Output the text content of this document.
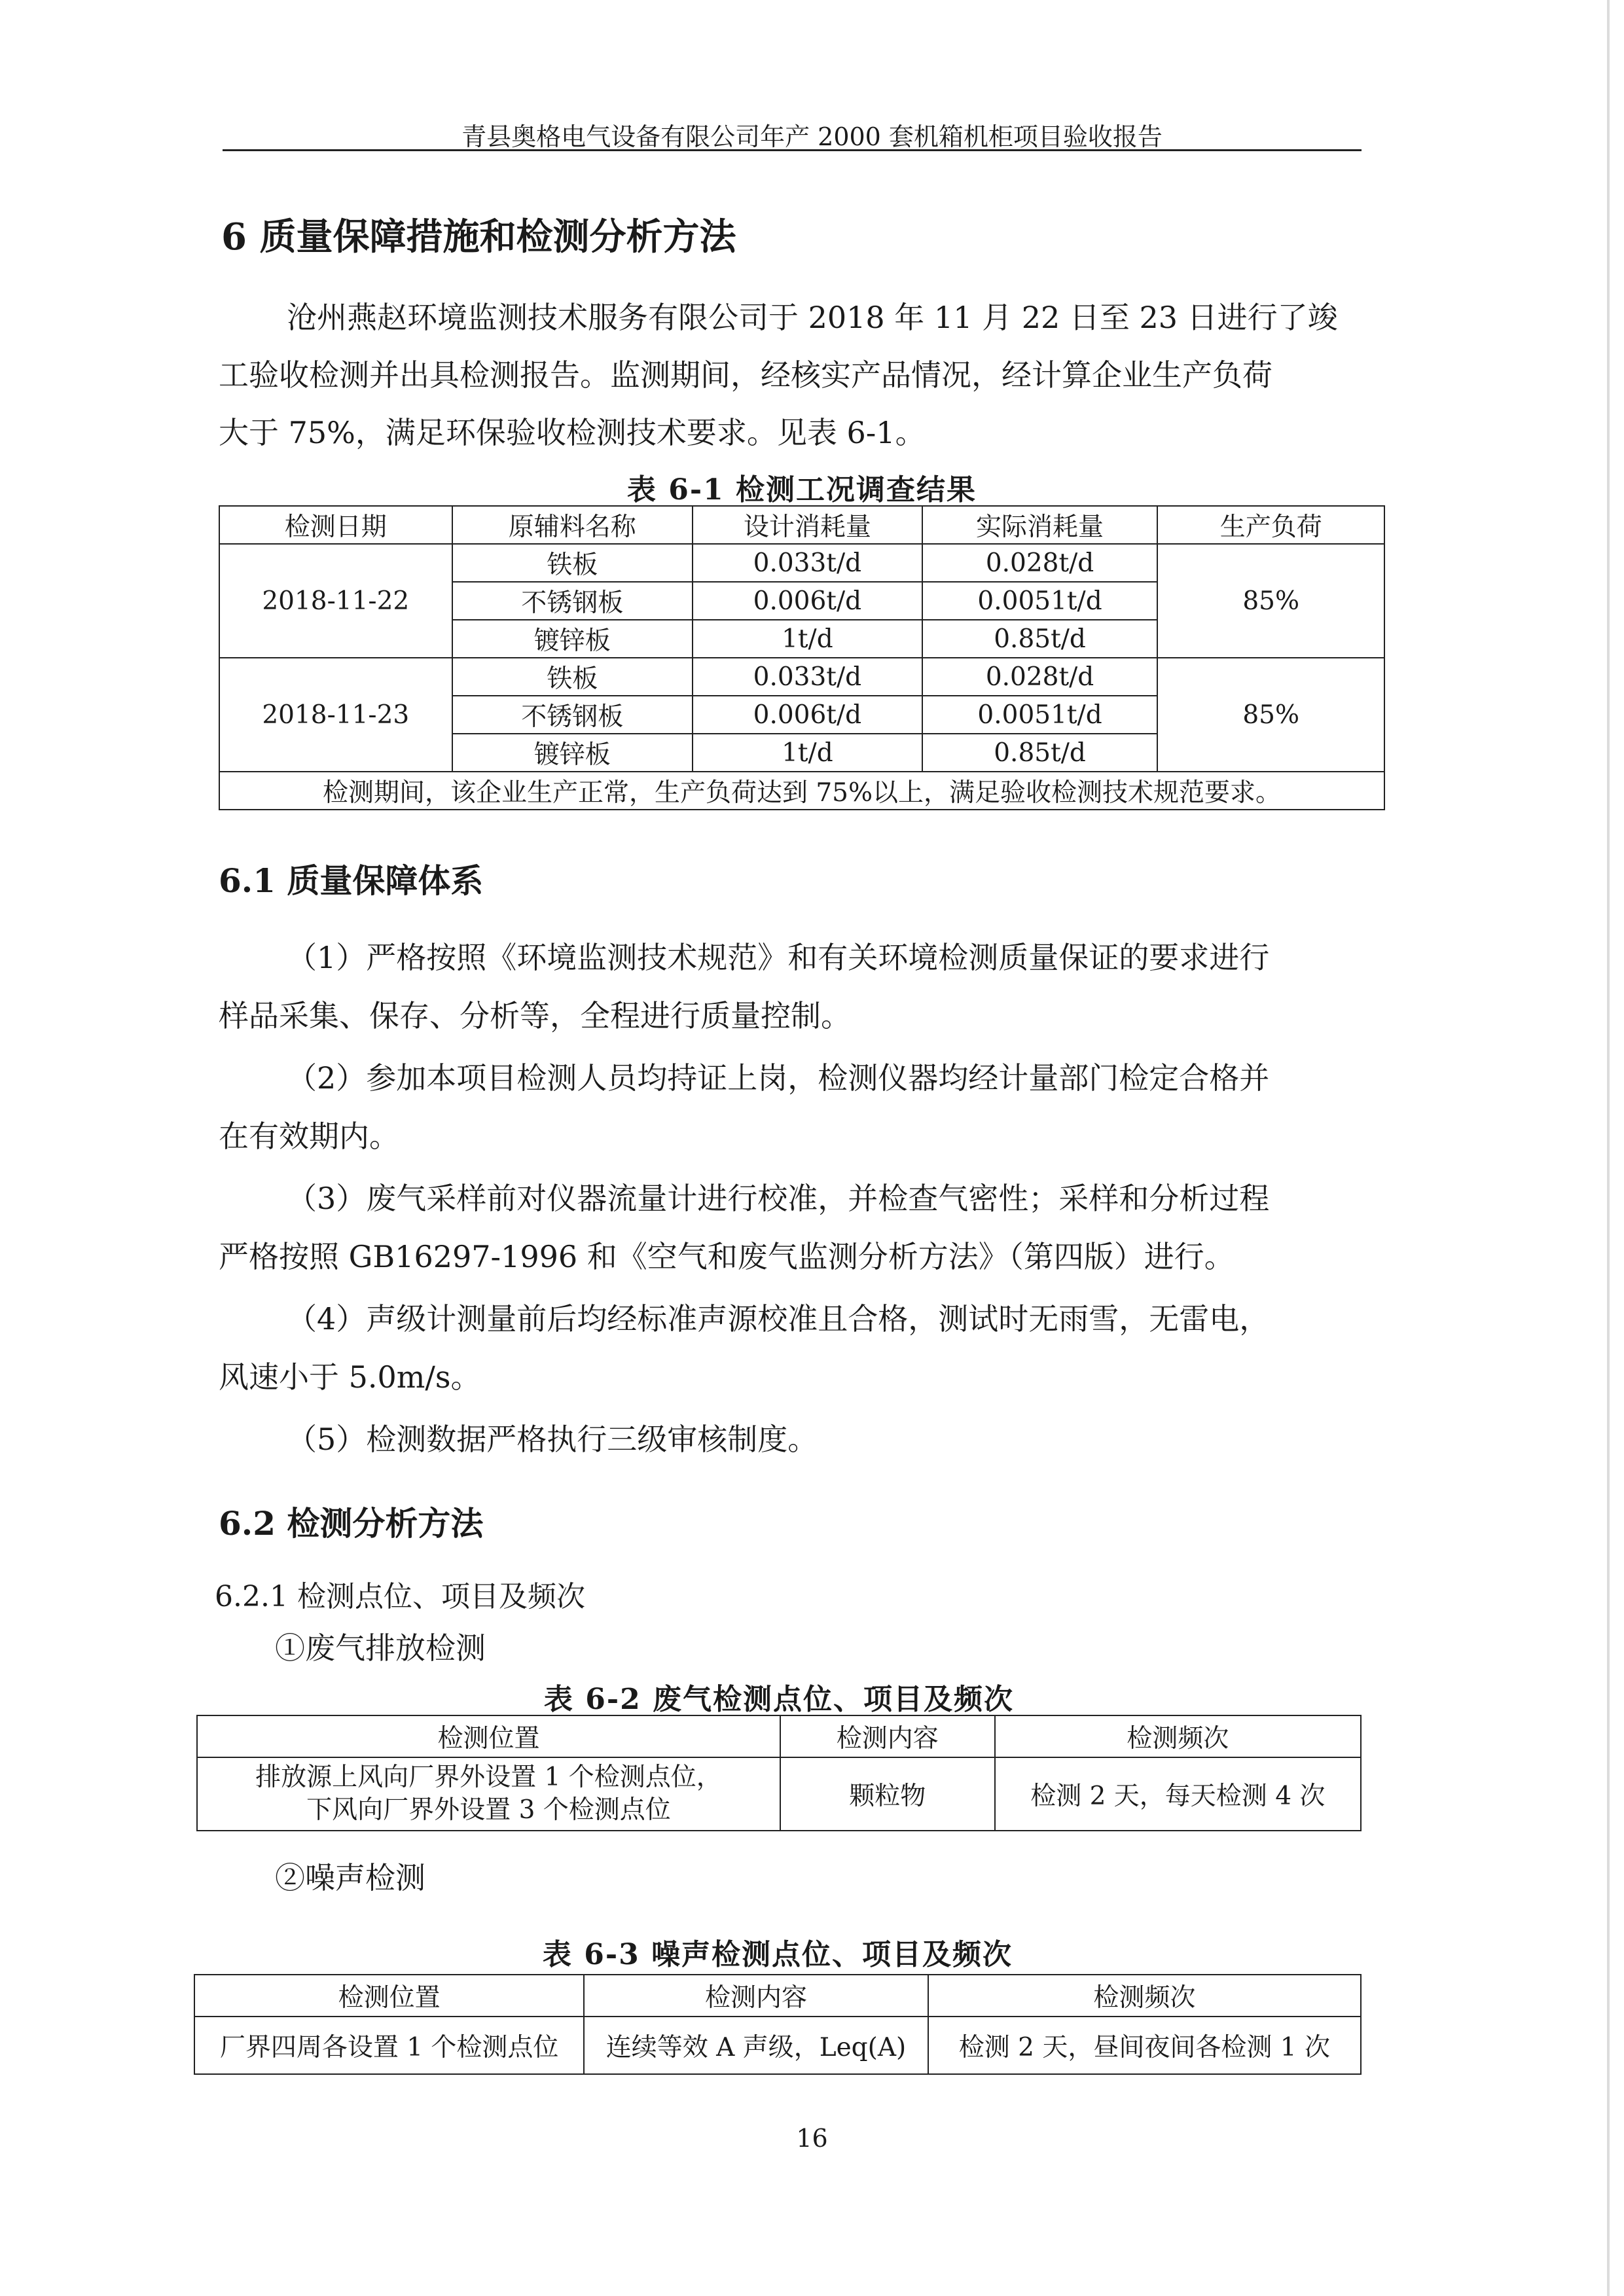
青县奥格电气设备有限公司年产 2000 套机箱机柜项目验收报告
6 质量保障措施和检测分析方法
沧州燕赵环境监测技术服务有限公司于 2018 年 11 月 22 日至 23 日进行了竣
工验收检测并出具检测报告。监测期间，经核实产品情况，经计算企业生产负荷
大于 75%，满足环保验收检测技术要求。见表 6-1。
表 6-1 检测工况调查结果
检测日期	原辅料名称	设计消耗量	实际消耗量	生产负荷
2018-11-22	铁板	0.033t/d	0.028t/d	85%
	不锈钢板	0.006t/d	0.0051t/d	
	镀锌板	1t/d	0.85t/d	
2018-11-23	铁板	0.033t/d	0.028t/d	85%
	不锈钢板	0.006t/d	0.0051t/d	
	镀锌板	1t/d	0.85t/d	
检测期间，该企业生产正常，生产负荷达到 75%以上，满足验收检测技术规范要求。				
6.1 质量保障体系
（1）严格按照《环境监测技术规范》和有关环境检测质量保证的要求进行
样品采集、保存、分析等，全程进行质量控制。
（2）参加本项目检测人员均持证上岗，检测仪器均经计量部门检定合格并
在有效期内。
（3）废气采样前对仪器流量计进行校准，并检查气密性；采样和分析过程
严格按照 GB16297-1996 和《空气和废气监测分析方法》（第四版）进行。
（4）声级计测量前后均经标准声源校准且合格，测试时无雨雪，无雷电，
风速小于 5.0m/s。
（5）检测数据严格执行三级审核制度。
6.2 检测分析方法
6.2.1 检测点位、项目及频次
①废气排放检测
表 6-2 废气检测点位、项目及频次
检测位置	检测内容	检测频次

排放源上风向厂界外设置 1 个检测点位，
下风向厂界外设置 3 个检测点位	颗粒物	检测 2 天，每天检测 4 次
②噪声检测
表 6-3 噪声检测点位、项目及频次
检测位置	检测内容	检测频次
厂界四周各设置 1 个检测点位	连续等效 A 声级，Leq(A)	检测 2 天，昼间夜间各检测 1 次
16
